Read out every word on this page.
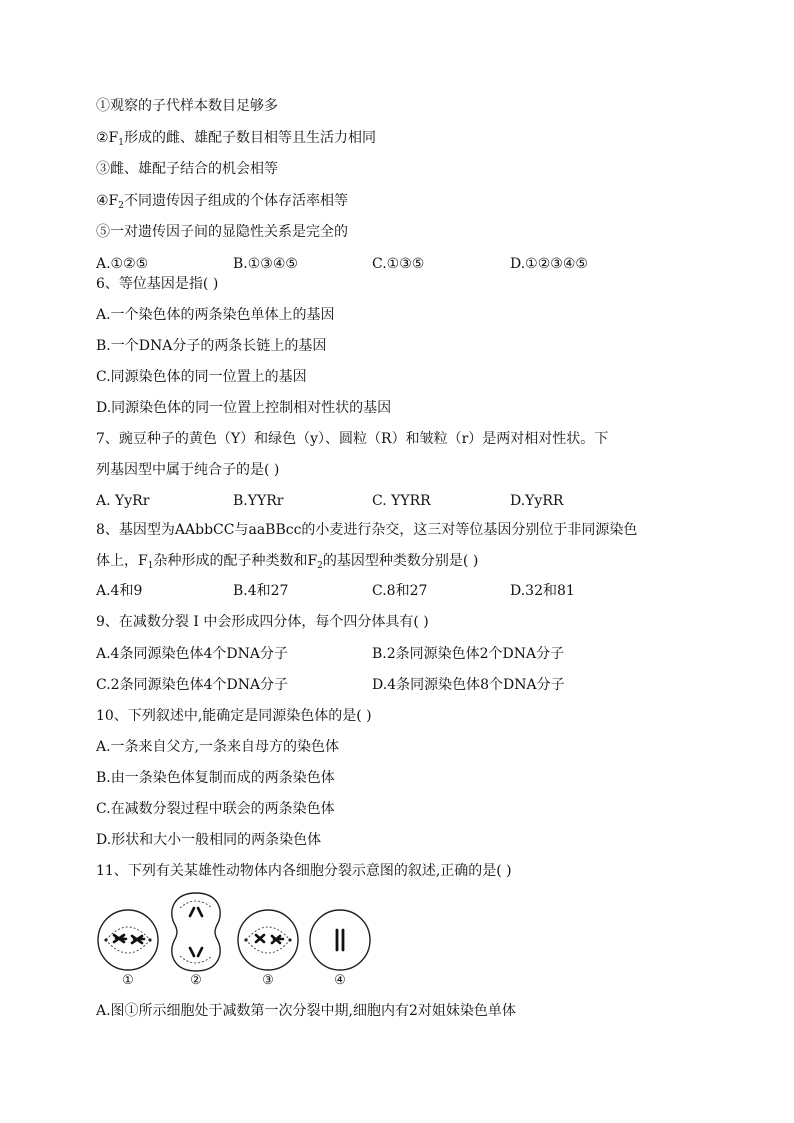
①观察的子代样本数目足够多
$②F_1$形成的雌、雄配子数目相等且生活力相同
③雌、雄配子结合的机会相等
$④F_2$不同遗传因子组成的个体存活率相等
⑤一对遗传因子间的显隐性关系是完全的
A.①②⑤	B.①③④⑤	C.①③⑤	D.①②③④⑤
6、等位基因是指( )
A.一个染色体的两条染色单体上的基因
B.一个DNA分子的两条长链上的基因
C.同源染色体的同一位置上的基因
D.同源染色体的同一位置上控制相对性状的基因
7、豌豆种子的黄色（Y）和绿色（y）、圆粒（R）和皱粒（r）是两对相对性状。下
列基因型中属于纯合子的是( )
A. YyRr	B.YYRr	C. YYRR	D.YyRR
8、基因型为AAbbCC与aaBBcc的小麦进行杂交，这三对等位基因分别位于非同源染色
体上，$F_1$杂种形成的配子种类数和$F_2$的基因型种类数分别是( )
A.4和9	B.4和27	C.8和27	D.32和81
9、在减数分裂 I 中会形成四分体，每个四分体具有( )
A.4条同源染色体4个DNA分子	B.2条同源染色体2个DNA分子
C.2条同源染色体4个DNA分子	D.4条同源染色体8个DNA分子
10、下列叙述中,能确定是同源染色体的是( )
A.一条来自父方,一条来自母方的染色体
B.由一条染色体复制而成的两条染色体
C.在减数分裂过程中联会的两条染色体
D.形状和大小一般相同的两条染色体
11、下列有关某雄性动物体内各细胞分裂示意图的叙述,正确的是( )
①	②	③	④
A.图①所示细胞处于减数第一次分裂中期,细胞内有2对姐妹染色单体
